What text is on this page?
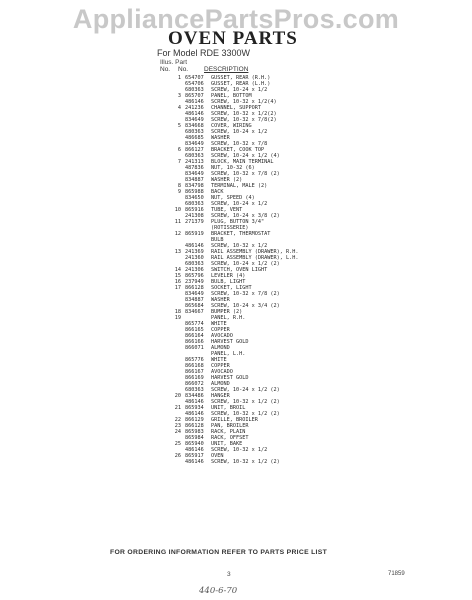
AppliancePartsPros.com
OVEN PARTS
For Model RDE 3300W
Illus. Part
No. No. DESCRIPTION
1 654707	GUSSET, REAR (R.H.)
654706	GUSSET, REAR (L.H.)
680363	SCREW, 10-24 x 1/2
3 865707	PANEL, BOTTOM
486146	SCREW, 10-32 x 1/2(4)
4 241236	CHANNEL, SUPPORT
486146	SCREW, 10-32 x 1/2(2)
834649	SCREW, 10-32 x 7/8(2)
5 834668	COVER, WIRING
680363	SCREW, 10-24 x 1/2
486685	WASHER
834649	SCREW, 10-32 x 7/8
6 866127	BRACKET, COOK TOP
680363	SCREW, 10-24 x 1/2 (4)
7 241313	BLOCK, MAIN TERMINAL
487836	NUT, 10-32 (6)
834649	SCREW, 10-32 x 7/8 (2)
834887	WASHER (2)
8 834798	TERMINAL, MALE (2)
9 865988	BACK
834650	NUT, SPEED (4)
680363	SCREW, 10-24 x 1/2
10 865916	TUBE, VENT
241308	SCREW, 10-24 x 3/8 (2)
11 271379	PLUG, BUTTON 3/4"
(ROTISSERIE)
12 865919	BRACKET, THERMOSTAT
BULB
486146	SCREW, 10-32 x 1/2
13 241369	RAIL ASSEMBLY (DRAWER), R.H.
241360	RAIL ASSEMBLY (DRAWER), L.H.
680363	SCREW, 10-24 x 1/2 (2)
14 241306	SWITCH, OVEN LIGHT
15 865796	LEVELER (4)
16 237949	BULB, LIGHT
17 866128	SOCKET, LIGHT
834649	SCREW, 10-32 x 7/8 (2)
834887	WASHER
865684	SCREW, 10-24 x 3/4 (2)
18 834667	BUMPER (2)
19	PANEL, R.H.
865774	WHITE
866165	COPPER
866164	AVOCADO
866166	HARVEST GOLD
866071	ALMOND
PANEL, L.H.
865776	WHITE
866168	COPPER
866167	AVOCADO
866169	HARVEST GOLD
866072	ALMOND
680363	SCREW, 10-24 x 1/2 (2)
20 834486	HANGER
486146	SCREW, 10-32 x 1/2 (2)
21 865934	UNIT, BROIL
486146	SCREW, 10-32 x 1/2 (2)
22 866129	GRILLE, BROILER
23 866128	PAN, BROILER
24 865983	RACK, PLAIN
865984	RACK, OFFSET
25 865940	UNIT, BAKE
486146	SCREW, 10-32 x 1/2
26 865917	OVEN
486146	SCREW, 10-32 x 1/2 (2)
FOR ORDERING INFORMATION REFER TO PARTS PRICE LIST
3	71859
440-6-70
